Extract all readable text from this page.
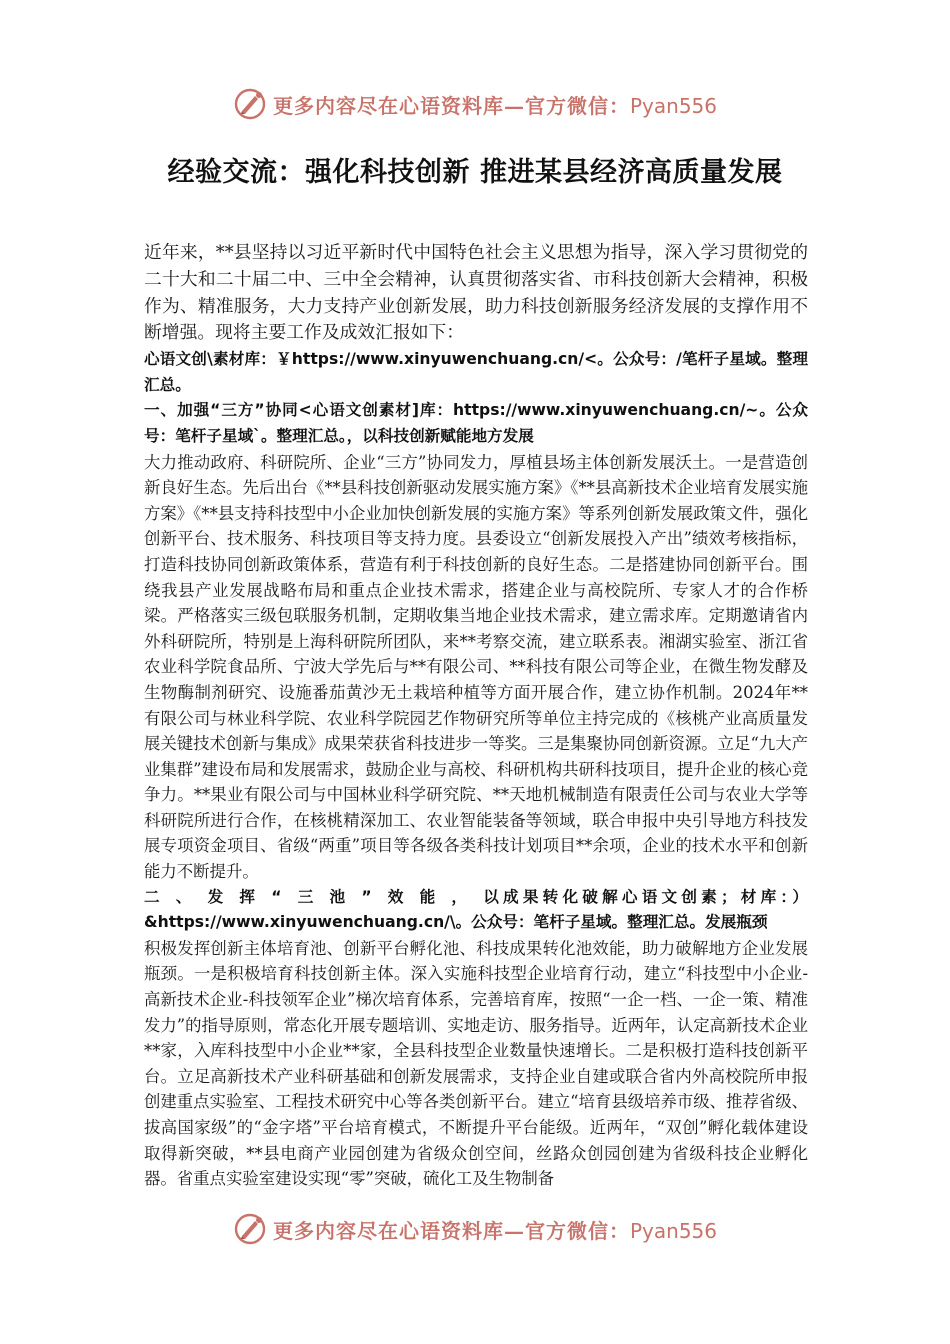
更多内容尽在心语资料库—官方微信：Pyan556
经验交流：强化科技创新 推进某县经济高质量发展

近年来，**县坚持以习近平新时代中国特色社会主义思想为指导，深入学习贯彻党的二十大和二十届二中、三中全会精神，认真贯彻落实省、市科技创新大会精神，积极作为、精准服务，大力支持产业创新发展，助力科技创新服务经济发展的支撑作用不断增强。现将主要工作及成效汇报如下：

心语文创\素材库：￥https://www.xinyuwenchuang.cn/<。公众号：/笔杆子星域。整理汇总。

一、加强“三方”协同<心语文创素材]库：https://www.xinyuwenchuang.cn/~。公众号：笔杆子星域`。整理汇总。，以科技创新赋能地方发展

大力推动政府、科研院所、企业“三方”协同发力，厚植县场主体创新发展沃土。一是营造创新良好生态。先后出台《**县科技创新驱动发展实施方案》《**县高新技术企业培育发展实施方案》《**县支持科技型中小企业加快创新发展的实施方案》等系列创新发展政策文件，强化创新平台、技术服务、科技项目等支持力度。县委设立“创新发展投入产出”绩效考核指标，打造科技协同创新政策体系，营造有利于科技创新的良好生态。二是搭建协同创新平台。围绕我县产业发展战略布局和重点企业技术需求，搭建企业与高校院所、专家人才的合作桥梁。严格落实三级包联服务机制，定期收集当地企业技术需求，建立需求库。定期邀请省内外科研院所，特别是上海科研院所团队，来**考察交流，建立联系表。湘湖实验室、浙江省农业科学院食品所、宁波大学先后与**有限公司、**科技有限公司等企业，在微生物发酵及生物酶制剂研究、设施番茄黄沙无土栽培种植等方面开展合作，建立协作机制。2024年**有限公司与林业科学院、农业科学院园艺作物研究所等单位主持完成的《核桃产业高质量发展关键技术创新与集成》成果荣获省科技进步一等奖。三是集聚协同创新资源。立足“九大产业集群”建设布局和发展需求，鼓励企业与高校、科研机构共研科技项目，提升企业的核心竞争力。**果业有限公司与中国林业科学研究院、**天地机械制造有限责任公司与农业大学等科研院所进行合作，在核桃精深加工、农业智能装备等领域，联合申报中央引导地方科技发展专项资金项目、省级“两重”项目等各级各类科技计划项目**余项，企业的技术水平和创新能力不断提升。

二、发挥“三池”效能，以成果转化破解心语文创素；材库：）&https://www.xinyuwenchuang.cn/\。公众号：笔杆子星域。整理汇总。发展瓶颈

积极发挥创新主体培育池、创新平台孵化池、科技成果转化池效能，助力破解地方企业发展瓶颈。一是积极培育科技创新主体。深入实施科技型企业培育行动，建立“科技型中小企业-高新技术企业-科技领军企业”梯次培育体系，完善培育库，按照“一企一档、一企一策、精准发力”的指导原则，常态化开展专题培训、实地走访、服务指导。近两年，认定高新技术企业**家，入库科技型中小企业**家，全县科技型企业数量快速增长。二是积极打造科技创新平台。立足高新技术产业科研基础和创新发展需求，支持企业自建或联合省内外高校院所申报创建重点实验室、工程技术研究中心等各类创新平台。建立“培育县级培养市级、推荐省级、拔高国家级”的“金字塔”平台培育模式，不断提升平台能级。近两年，“双创”孵化载体建设取得新突破，**县电商产业园创建为省级众创空间，丝路众创园创建为省级科技企业孵化器。省重点实验室建设实现“零”突破，硫化工及生物制备

更多内容尽在心语资料库—官方微信：Pyan556
